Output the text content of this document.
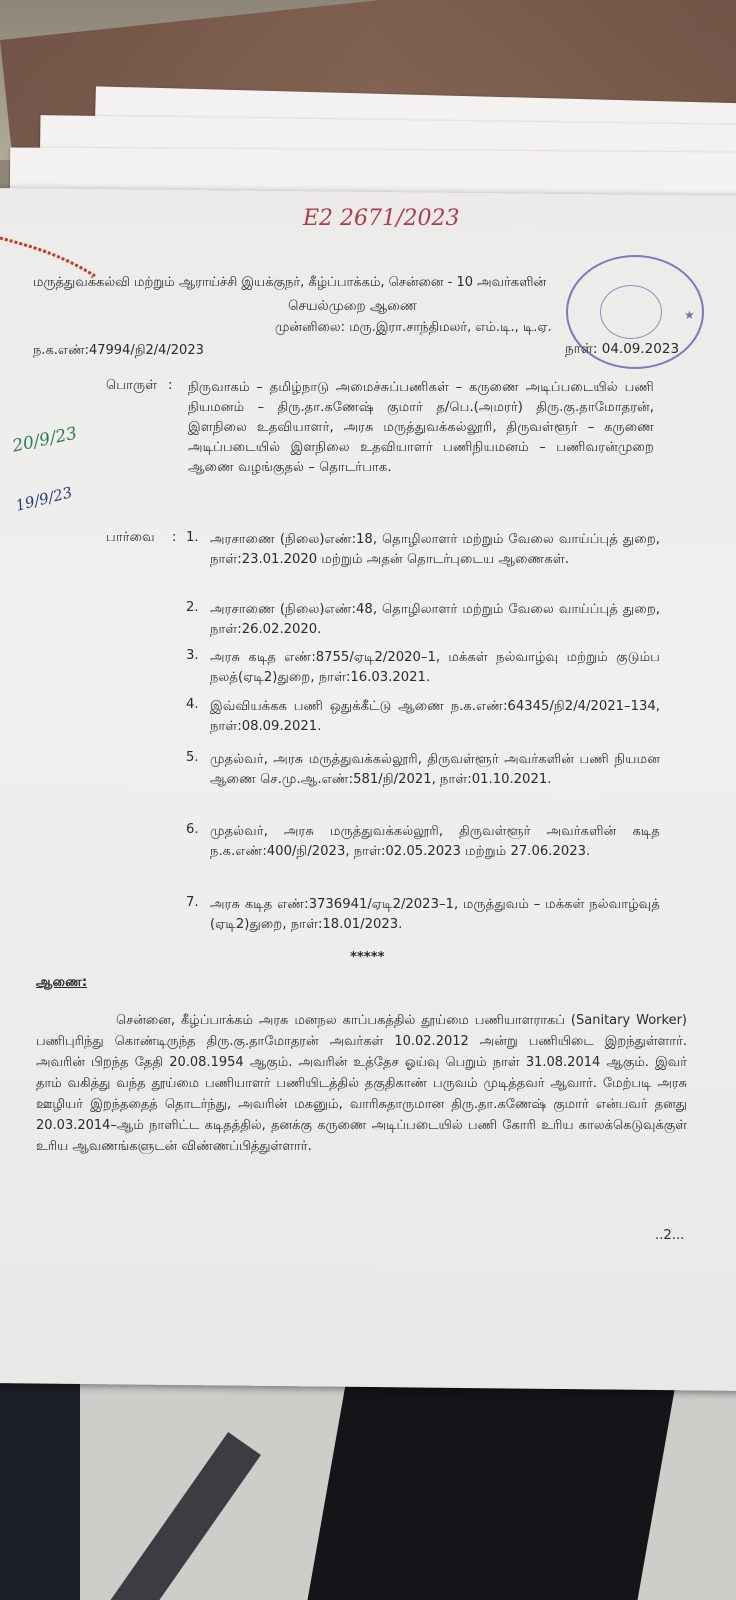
E2 2671/2023
★
மருத்துவக்கல்வி மற்றும் ஆராய்ச்சி இயக்குநர், கீழ்ப்பாக்கம், சென்னை - 10 அவர்களின்
செயல்முறை ஆணை
முன்னிலை: மரு.இரா.சாந்திமலர், எம்.டி., டி.ஏ.
ந.க.எண்:47994/நி2/4/2023	நாள்: 04.09.2023
பொருள் : நிருவாகம் – தமிழ்நாடு அமைச்சுப்பணிகள் – கருணை அடிப்படையில் பணி நியமனம் – திரு.தா.கணேஷ் குமார் த/பெ.(அமரர்) திரு.கு.தாமோதரன், இளநிலை உதவியாளர், அரசு மருத்துவக்கல்லூரி, திருவள்ளூர் – கருணை அடிப்படையில் இளநிலை உதவியாளர் பணிநியமனம் – பணிவரன்முறை ஆணை வழங்குதல் – தொடர்பாக.
20/9/23
19/9/23
பார்வை : 1. அரசாணை (நிலை)எண்:18, தொழிலாளர் மற்றும் வேலை வாய்ப்புத் துறை, நாள்:23.01.2020 மற்றும் அதன் தொடர்புடைய ஆணைகள்.
2. அரசாணை (நிலை)எண்:48, தொழிலாளர் மற்றும் வேலை வாய்ப்புத் துறை, நாள்:26.02.2020.
3. அரசு கடித எண்:8755/ஏடி2/2020–1, மக்கள் நல்வாழ்வு மற்றும் குடும்ப நலத்(ஏடி2)துறை, நாள்:16.03.2021.
4. இவ்வியக்கக பணி ஒதுக்கீட்டு ஆணை ந.க.எண்:64345/நி2/4/2021–134, நாள்:08.09.2021.
5. முதல்வர், அரசு மருத்துவக்கல்லூரி, திருவள்ளூர் அவர்களின் பணி நியமன ஆணை செ.மு.ஆ.எண்:581/நி/2021, நாள்:01.10.2021.
6. முதல்வர், அரசு மருத்துவக்கல்லூரி, திருவள்ளூர் அவர்களின் கடித ந.க.எண்:400/நி/2023, நாள்:02.05.2023 மற்றும் 27.06.2023.
7. அரசு கடித எண்:3736941/ஏடி2/2023–1, மருத்துவம் – மக்கள் நல்வாழ்வுத் (ஏடி2)துறை, நாள்:18.01/2023.
*****
ஆணை:
சென்னை, கீழ்ப்பாக்கம் அரசு மனநல காப்பகத்தில் தூய்மை பணியாளராகப் (Sanitary Worker) பணிபுரிந்து கொண்டிருந்த திரு.கு.தாமோதரன் அவர்கள் 10.02.2012 அன்று பணியிடை இறந்துள்ளார். அவரின் பிறந்த தேதி 20.08.1954 ஆகும். அவரின் உத்தேச ஓய்வு பெறும் நாள் 31.08.2014 ஆகும். இவர் தாம் வகித்து வந்த தூய்மை பணியாளர் பணியிடத்தில் தகுதிகாண் பருவம் முடித்தவர் ஆவார். மேற்படி அரசு ஊழியர் இறந்ததைத் தொடர்ந்து, அவரின் மகனும், வாரிசுதாருமான திரு.தா.கணேஷ் குமார் என்பவர் தனது 20.03.2014–ஆம் நாளிட்ட கடிதத்தில், தனக்கு கருணை அடிப்படையில் பணி கோரி உரிய காலக்கெடுவுக்குள் உரிய ஆவணங்களுடன் விண்ணப்பித்துள்ளார்.
..2...
